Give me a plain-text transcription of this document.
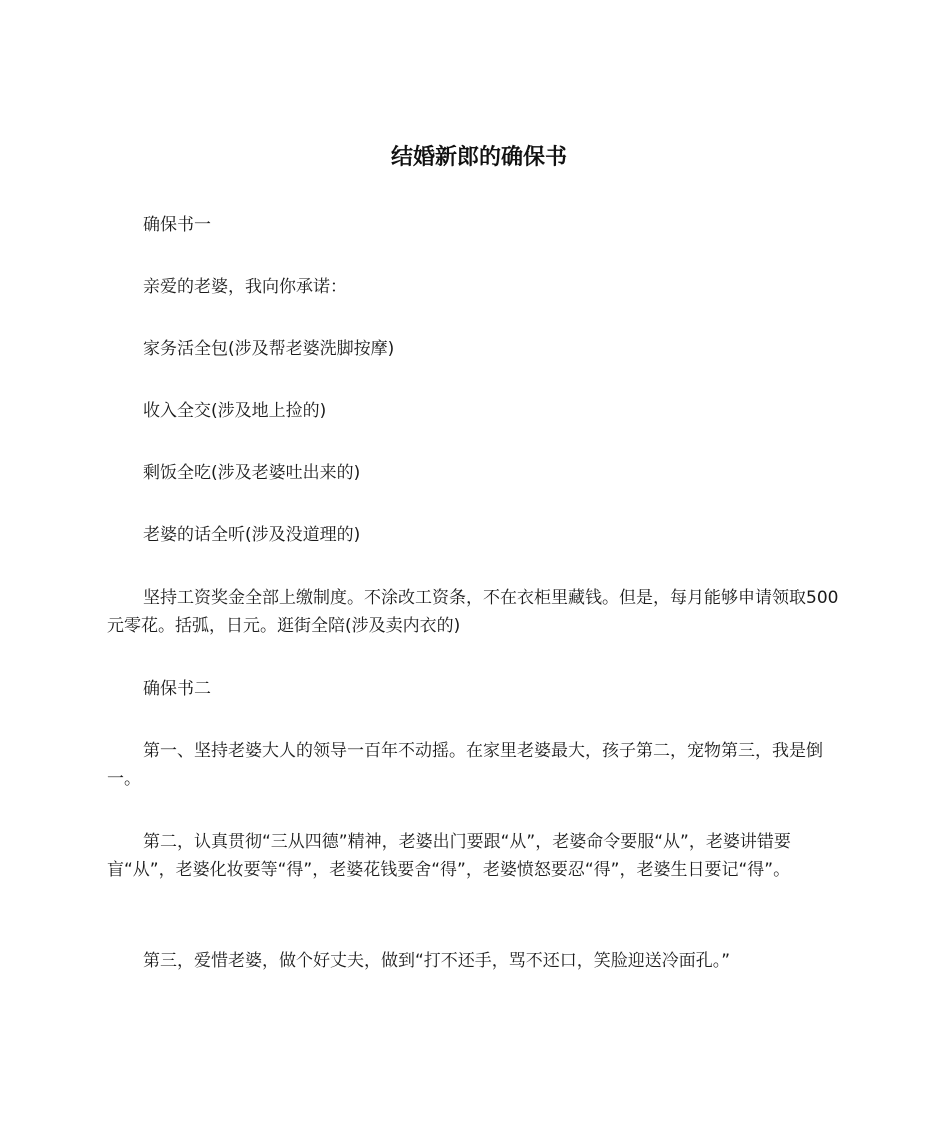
结婚新郎的确保书

确保书一

亲爱的老婆，我向你承诺：

家务活全包(涉及帮老婆洗脚按摩)

收入全交(涉及地上捡的)

剩饭全吃(涉及老婆吐出来的)

老婆的话全听(涉及没道理的)

坚持工资奖金全部上缴制度。不涂改工资条，不在衣柜里藏钱。但是，每月能够申请领取500元零花。括弧，日元。逛街全陪(涉及卖内衣的)

确保书二

第一、坚持老婆大人的领导一百年不动摇。在家里老婆最大，孩子第二，宠物第三，我是倒一。

第二，认真贯彻“三从四德”精神，老婆出门要跟“从”，老婆命令要服“从”，老婆讲错要盲“从”，老婆化妆要等“得”，老婆花钱要舍“得”，老婆愤怒要忍“得”，老婆生日要记“得”。

第三，爱惜老婆，做个好丈夫，做到“打不还手，骂不还口，笑脸迎送冷面孔。”
